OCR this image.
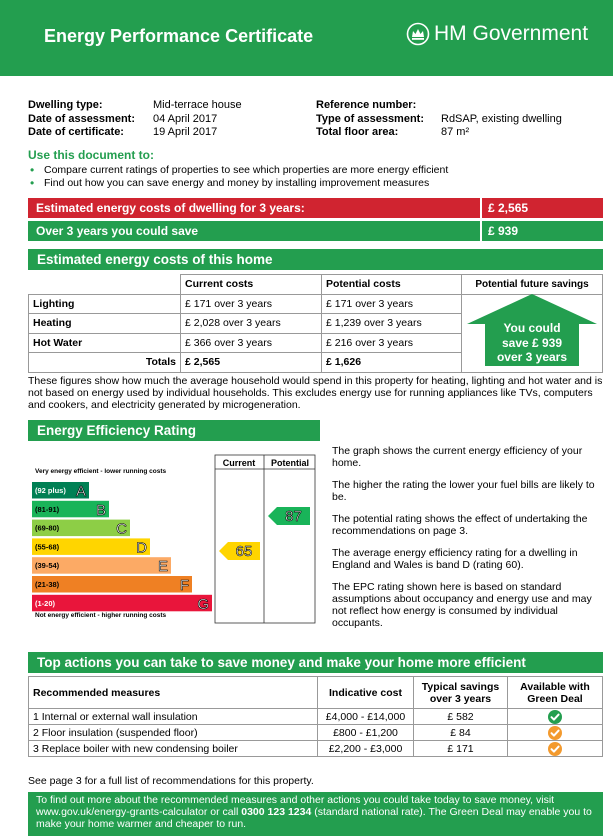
Energy Performance Certificate	HM Government
Dwelling type:	Mid-terrace house
Date of assessment:	04 April 2017
Date of certificate:	19 April 2017
Reference number:
Type of assessment:	RdSAP, existing dwelling
Total floor area:	87 m²
Use this document to:
• Compare current ratings of properties to see which properties are more energy efficient
• Find out how you can save energy and money by installing improvement measures
Estimated energy costs of dwelling for 3 years:	£ 2,565
Over 3 years you could save	£ 939
Estimated energy costs of this home
	Current costs	Potential costs	Potential future savings
Lighting	£ 171 over 3 years	£ 171 over 3 years	
Heating	£ 2,028 over 3 years	£ 1,239 over 3 years	
Hot Water	£ 366 over 3 years	£ 216 over 3 years	
Totals	£ 2,565	£ 1,626	
You could
save £ 939
over 3 years
These figures show how much the average household would spend in this property for heating, lighting and hot water and is not based on energy used by individual households. This excludes energy use for running appliances like TVs, computers and cookers, and electricity generated by microgeneration.
Energy Efficiency Rating
Very energy efficient - lower running costs
Not energy efficient - higher running costs
Current Potential
(92 plus) A
(81-91) B
(69-80)	C
(55-68)	D
(39-54)	E
(21-38)	F
(1-20)	G
65
87

The graph shows the current energy efficiency of your home.

The higher the rating the lower your fuel bills are likely to be.

The potential rating shows the effect of undertaking the recommendations on page 3.

The average energy efficiency rating for a dwelling in England and Wales is band D (rating 60).

The EPC rating shown here is based on standard assumptions about occupancy and energy use and may not reflect how energy is consumed by individual occupants.

Top actions you can take to save money and make your home more efficient
Recommended measures	Indicative cost	Typical savings over 3 years	Available with Green Deal
1 Internal or external wall insulation	£4,000 - £14,000	£ 582	

2 Floor insulation (suspended floor)	£800 - £1,200	£ 84	

3 Replace boiler with new condensing boiler	£2,200 - £3,000	£ 171	
See page 3 for a full list of recommendations for this property.
To find out more about the recommended measures and other actions you could take today to save money, visit
www.gov.uk/energy-grants-calculator or call 0300 123 1234 (standard national rate). The Green Deal may enable you to
make your home warmer and cheaper to run.
